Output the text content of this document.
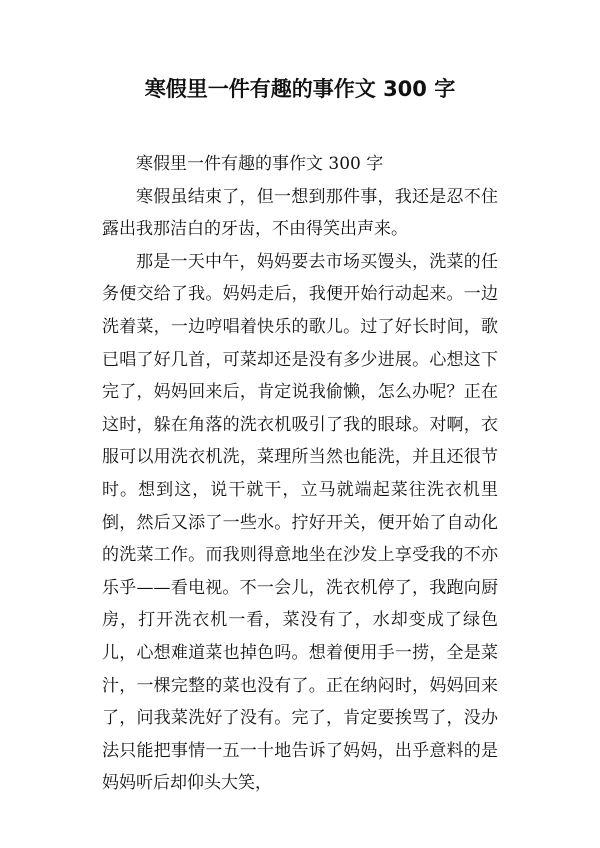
寒假里一件有趣的事作文 300 字

寒假里一件有趣的事作文 300 字

寒假虽结束了，但一想到那件事，我还是忍不住露出我那洁白的牙齿，不由得笑出声来。

那是一天中午，妈妈要去市场买馒头，洗菜的任务便交给了我。妈妈走后，我便开始行动起来。一边洗着菜，一边哼唱着快乐的歌儿。过了好长时间，歌已唱了好几首，可菜却还是没有多少进展。心想这下完了，妈妈回来后，肯定说我偷懒，怎么办呢？正在这时，躲在角落的洗衣机吸引了我的眼球。对啊，衣服可以用洗衣机洗，菜理所当然也能洗，并且还很节时。想到这，说干就干，立马就端起菜往洗衣机里倒，然后又添了一些水。拧好开关，便开始了自动化的洗菜工作。而我则得意地坐在沙发上享受我的不亦乐乎——看电视。不一会儿，洗衣机停了，我跑向厨房，打开洗衣机一看，菜没有了，水却变成了绿色儿，心想难道菜也掉色吗。想着便用手一捞，全是菜汁，一棵完整的菜也没有了。正在纳闷时，妈妈回来了，问我菜洗好了没有。完了，肯定要挨骂了，没办法只能把事情一五一十地告诉了妈妈，出乎意料的是妈妈听后却仰头大笑，
